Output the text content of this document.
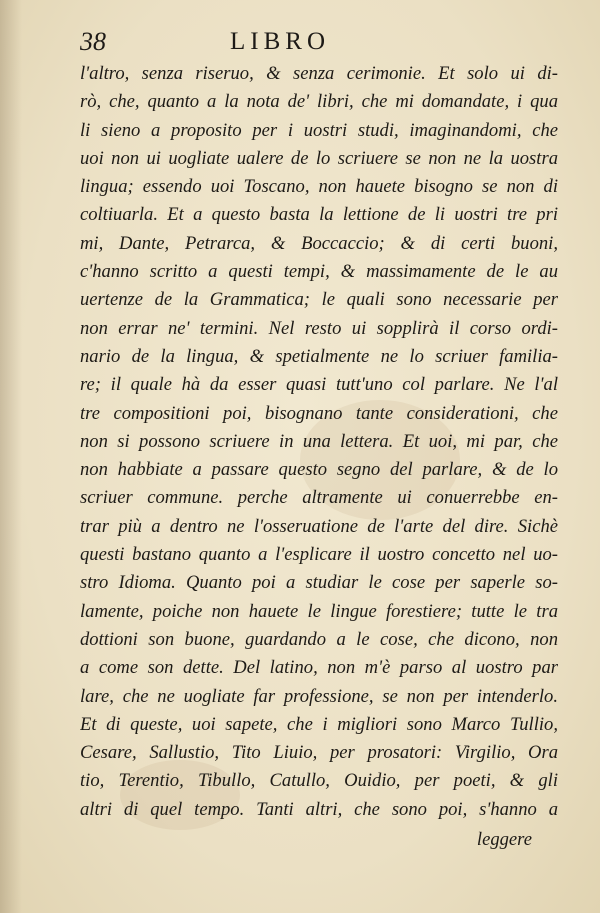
38	LIBRO
l'altro, senza riseruo, & senza cerimonie. Et solo ui di-
rò, che, quanto a la nota de' libri, che mi domandate, i qua
li sieno a proposito per i uostri studi, imaginandomi, che
uoi non ui uogliate ualere de lo scriuere se non ne la uostra
lingua; essendo uoi Toscano, non hauete bisogno se non di
coltiuarla. Et a questo basta la lettione de li uostri tre pri
mi, Dante, Petrarca, & Boccaccio; & di certi buoni,
c'hanno scritto a questi tempi, & massimamente de le au
uertenze de la Grammatica; le quali sono necessarie per
non errar ne' termini. Nel resto ui sopplirà il corso ordi-
nario de la lingua, & spetialmente ne lo scriuer familia-
re; il quale hà da esser quasi tutt'uno col parlare. Ne l'al
tre compositioni poi, bisognano tante considerationi, che
non si possono scriuere in una lettera. Et uoi, mi par, che
non habbiate a passare questo segno del parlare, & de lo
scriuer commune. perche altramente ui conuerrebbe en-
trar più a dentro ne l'osseruatione de l'arte del dire. Sichè
questi bastano quanto a l'esplicare il uostro concetto nel uo-
stro Idioma. Quanto poi a studiar le cose per saperle so-
lamente, poiche non hauete le lingue forestiere; tutte le tra
dottioni son buone, guardando a le cose, che dicono, non
a come son dette. Del latino, non m'è parso al uostro par
lare, che ne uogliate far professione, se non per intenderlo.
Et di queste, uoi sapete, che i migliori sono Marco Tullio,
Cesare, Sallustio, Tito Liuio, per prosatori: Virgilio, Ora
tio, Terentio, Tibullo, Catullo, Ouidio, per poeti, & gli
altri di quel tempo. Tanti altri, che sono poi, s'hanno a
leggere
